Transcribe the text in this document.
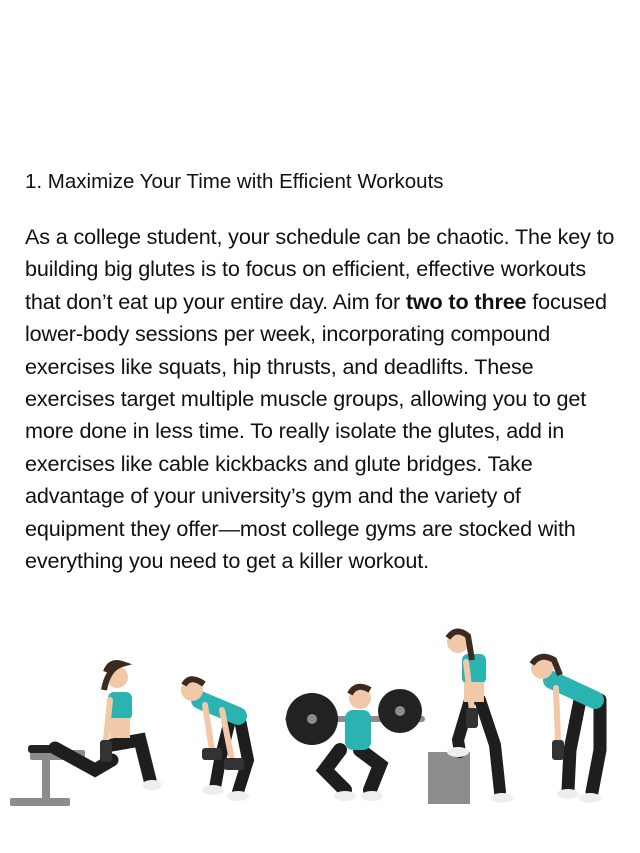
1. Maximize Your Time with Efficient Workouts

As a college student, your schedule can be chaotic. The key to building big glutes is to focus on efficient, effective workouts that don’t eat up your entire day. Aim for two to three focused lower-body sessions per week, incorporating compound exercises like squats, hip thrusts, and deadlifts. These exercises target multiple muscle groups, allowing you to get more done in less time. To really isolate the glutes, add in exercises like cable kickbacks and glute bridges. Take advantage of your university’s gym and the variety of equipment they offer—most college gyms are stocked with everything you need to get a killer workout.
